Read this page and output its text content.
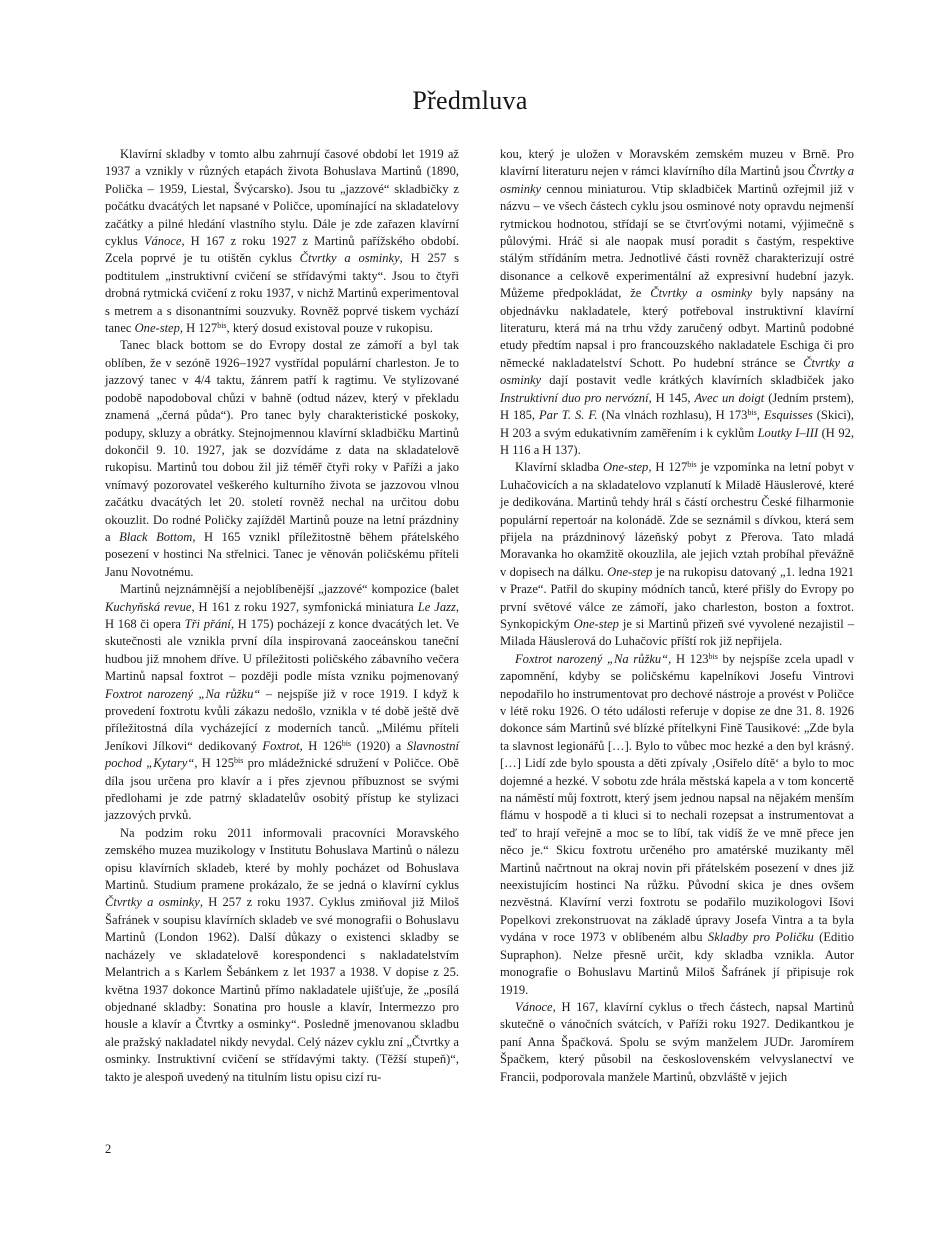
Předmluva

Klavírní skladby v tomto albu zahrnují časové období let 1919 až 1937 a vznikly v různých etapách života Bohuslava Martinů (1890, Polička – 1959, Liestal, Švýcarsko). Jsou tu „jazzové“ skladbičky z počátku dvacátých let napsané v Poličce, upomínající na skladatelovy začátky a pilné hledání vlastního stylu. Dále je zde zařazen klavírní cyklus Vánoce, H 167 z roku 1927 z Martinů pařížského období. Zcela poprvé je tu otištěn cyklus Čtvrtky a osminky, H 257 s podtitulem „instruktivní cvičení se střídavými takty“. Jsou to čtyři drobná rytmická cvičení z roku 1937, v nichž Martinů experimentoval s metrem a s disonantními souzvuky. Rovněž poprvé tiskem vychází tanec One-step, H $127^{bis}$, který dosud existoval pouze v rukopisu.

Tanec black bottom se do Evropy dostal ze zámoří a byl tak oblíben, že v sezóně 1926–1927 vystřídal populární charleston. Je to jazzový tanec v 4/4 taktu, žánrem patří k ragtimu. Ve stylizované podobě napodoboval chůzi v bahně (odtud název, který v překladu znamená „černá půda“). Pro tanec byly charakteristické poskoky, podupy, skluzy a obrátky. Stejnojmennou klavírní skladbičku Martinů dokončil 9. 10. 1927, jak se dozvídáme z data na skladatelově rukopisu. Martinů tou dobou žil již téměř čtyři roky v Paříži a jako vnímavý pozorovatel veškerého kulturního života se jazzovou vlnou začátku dvacátých let 20. století rovněž nechal na určitou dobu okouzlit. Do rodné Poličky zajížděl Martinů pouze na letní prázdniny a Black Bottom, H 165 vznikl příležitostně během přátelského posezení v hostinci Na střelnici. Tanec je věnován poličskému příteli Janu Novotnému.

Martinů nejznámnější a nejoblíbenější „jazzové“ kompozice (balet Kuchyňská revue, H 161 z roku 1927, symfonická miniatura Le Jazz, H 168 či opera Tři přání, H 175) pocházejí z konce dvacátých let. Ve skutečnosti ale vznikla první díla inspirovaná zaoceánskou taneční hudbou již mnohem dříve. U příležitosti poličského zábavního večera Martinů napsal foxtrot – později podle místa vzniku pojmenovaný Foxtrot narozený „Na růžku“ – nejspíše již v roce 1919. I když k provedení foxtrotu kvůli zákazu nedošlo, vznikla v té době ještě dvě příležitostná díla vycházející z moderních tanců. „Milému příteli Jeníkovi Jílkovi“ dedikovaný Foxtrot, H $126^{bis}$ (1920) a Slavnostní pochod „Kytary“, H $125^{bis}$ pro mládežnické sdružení v Poličce. Obě díla jsou určena pro klavír a i přes zjevnou příbuznost se svými předlohami je zde patrný skladatelův osobitý přístup ke stylizaci jazzových prvků.

Na podzim roku 2011 informovali pracovníci Moravského zemského muzea muzikology v Institutu Bohuslava Martinů o nálezu opisu klavírních skladeb, které by mohly pocházet od Bohuslava Martinů. Studium pramene prokázalo, že se jedná o klavírní cyklus Čtvrtky a osminky, H 257 z roku 1937. Cyklus zmiňoval již Miloš Šafránek v soupisu klavírních skladeb ve své monografii o Bohuslavu Martinů (London 1962). Další důkazy o existenci skladby se nacházely ve skladatelově korespondenci s nakladatelstvím Melantrich a s Karlem Šebánkem z let 1937 a 1938. V dopise z 25. května 1937 dokonce Martinů přímo nakladatele ujišťuje, že „posílá objednané skladby: Sonatina pro housle a klavír, Intermezzo pro housle a klavír a Čtvrtky a osminky“. Posledně jmenovanou skladbu ale pražský nakladatel nikdy nevydal. Celý název cyklu zní „Čtvrtky a osminky. Instruktivní cvičení se střídavými takty. (Těžší stupeň)“, takto je alespoň uvedený na titulním listu opisu cizí ru-

kou, který je uložen v Moravském zemském muzeu v Brně. Pro klavírní literaturu nejen v rámci klavírního díla Martinů jsou Čtvrtky a osminky cennou miniaturou. Vtip skladbiček Martinů ozřejmil již v názvu – ve všech částech cyklu jsou osminové noty opravdu nejmenší rytmickou hodnotou, střídají se se čtvrťovými notami, výjimečně s půlovými. Hráč si ale naopak musí poradit s častým, respektive stálým střídáním metra. Jednotlivé části rovněž charakterizují ostré disonance a celkově experimentální až expresivní hudební jazyk. Můžeme předpokládat, že Čtvrtky a osminky byly napsány na objednávku nakladatele, který potřeboval instruktivní klavírní literaturu, která má na trhu vždy zaručený odbyt. Martinů podobné etudy předtím napsal i pro francouzského nakladatele Eschiga či pro německé nakladatelství Schott. Po hudební stránce se Čtvrtky a osminky dají postavit vedle krátkých klavírních skladbiček jako Instruktivní duo pro nervózní, H 145, Avec un doigt (Jedním prstem), H 185, Par T. S. F. (Na vlnách rozhlasu), H $173^{bis}$, Esquisses (Skici), H 203 a svým edukativním zaměřením i k cyklům Loutky I–III (H 92, H 116 a H 137).

Klavírní skladba One-step, H $127^{bis}$ je vzpomínka na letní pobyt v Luhačovicích a na skladatelovo vzplanutí k Miladě Häuslerové, které je dedikována. Martinů tehdy hrál s částí orchestru České filharmonie populární repertoár na kolonádě. Zde se seznámil s dívkou, která sem přijela na prázdninový lázeňský pobyt z Přerova. Tato mladá Moravanka ho okamžitě okouzlila, ale jejich vztah probíhal převážně v dopisech na dálku. One-step je na rukopisu datovaný „1. ledna 1921 v Praze“. Patřil do skupiny módních tanců, které přišly do Evropy po první světové válce ze zámoří, jako charleston, boston a foxtrot. Synkopickým One-step je si Martinů přizeň své vyvolené nezajistil – Milada Häuslerová do Luhačovic příští rok již nepřijela.

Foxtrot narozený „Na růžku“, H $123^{bis}$ by nejspíše zcela upadl v zapomnění, kdyby se poličskému kapelníkovi Josefu Vintrovi nepodařilo ho instrumentovat pro dechové nástroje a provést v Poličce v létě roku 1926. O této události referuje v dopise ze dne 31. 8. 1926 dokonce sám Martinů své blízké přítelkyni Fině Tausikové: „Zde byla ta slavnost legionářů […]. Bylo to vůbec moc hezké a den byl krásný. […] Lidí zde bylo spousta a děti zpívaly ‚Osiřelo dítě‘ a bylo to moc dojemné a hezké. V sobotu zde hrála městská kapela a v tom koncertě na náměstí můj foxtrott, který jsem jednou napsal na nějakém menším flámu v hospodě a ti kluci si to nechali rozepsat a instrumentovat a teď to hrají veřejně a moc se to líbí, tak vidíš že ve mně přece jen něco je.“ Skicu foxtrotu určeného pro amatérské muzikanty měl Martinů načrtnout na okraj novin při přátelském posezení v dnes již neexistujícím hostinci Na růžku. Původní skica je dnes ovšem nezvěstná. Klavírní verzi foxtrotu se podařilo muzikologovi Išovi Popelkovi zrekonstruovat na základě úpravy Josefa Vintra a ta byla vydána v roce 1973 v oblíbeném albu Skladby pro Poličku (Editio Supraphon). Nelze přesně určit, kdy skladba vznikla. Autor monografie o Bohuslavu Martinů Miloš Šafránek jí připisuje rok 1919.

Vánoce, H 167, klavírní cyklus o třech částech, napsal Martinů skutečně o vánočních svátcích, v Paříži roku 1927. Dedikantkou je paní Anna Špačková. Spolu se svým manželem JUDr. Jaromírem Špačkem, který působil na československém velvyslanectví ve Francii, podporovala manžele Martinů, obzvláště v jejich

2
